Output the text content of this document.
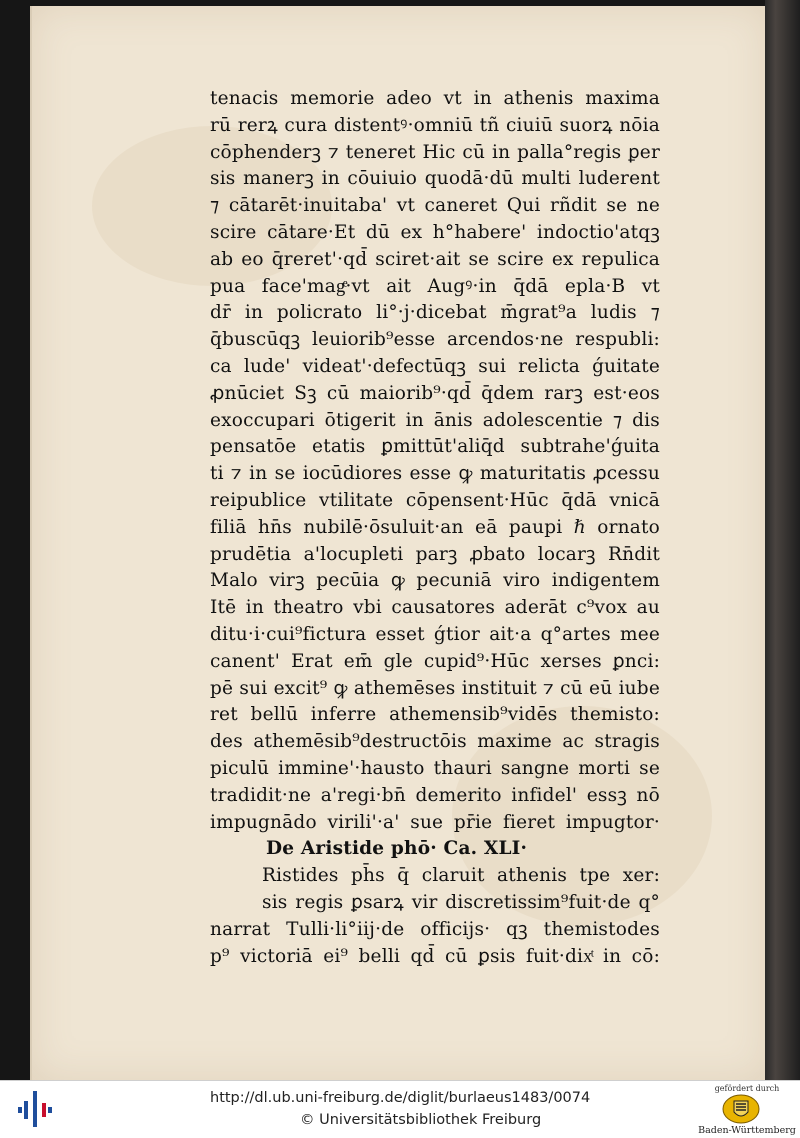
tenacis memorie adeo vt in athenis maxima
rū rerꝝ cura distentꝰ·omniū tñ ciuiū suorꝝ nōia
cōphenderꝫ ⁊ teneret Hic cū in palla°regis ꝑer
sis manerꝫ in cōuiuio quodā·dū multi luderent
⁊ cātarēt·inuitaba' vt caneret Qui rñdit se ne
scire cātare·Et dū ex h°habere' indoctio'atqꝫ
ab eo q̄reret'·qd̄ sciret·ait se scire ex repulica
pua face'magͤ·vt ait Augꝰ·in q̄dā epla·B vt
dr̄ in policrato li°·j·dicebat m̄grat⁹a ludis ⁊
q̄buscūqꝫ leuiorib⁹esse arcendos·ne respubli:
ca lude' videat'·defectūqꝫ sui relicta ǵuitate
ꝓnūciet Sꝫ cū maiorib⁹·qd̄ q̄dem rarꝫ est·eos
exoccupari ōtigerit in ānis adolescentie ⁊ dis
pensatōe etatis ꝑmittūt'aliq̄d subtrahe'ǵuita
ti ⁊ in se iocūdiores esse ꝙ maturitatis ꝓcessu
reipublice vtilitate cōpensent·Hūc q̄dā vnicā
filiā hn̄s nubilē·ōsuluit·an eā paupi ℏ ornato
prudētia a'locupleti parꝫ ꝓbato locarꝫ Rn̄dit
Malo virꝫ pecūia ꝙ pecuniā viro indigentem
Itē in theatro vbi causatores aderāt c⁹vox au
ditu·i·cui⁹fictura esset ǵtior ait·a q°artes mee
canent' Erat em̄ gle cupid⁹·Hūc xerses ꝑnci:
pē sui excit⁹ ꝙ athemēses instituit ⁊ cū eū iube
ret bellū inferre athemensib⁹vidēs themisto:
des athemēsib⁹destructōis maxime ac stragis
piculū immine'·hausto thauri sangne morti se
tradidit·ne a'regi·bn̄ demerito infidel' essꝫ nō
impugnādo virili'·a' sue pr̄ie fieret impugtor·
De Aristide phō· Ca. XLI·
Ristides ph̄s q̄ claruit athenis tpe xer:
sis regis ꝑsarꝝ vir discretissim⁹fuit·de q°
narrat Tulli·li°iij·de officijs· qꝫ themistodes
p⁹ victoriā ei⁹ belli qd̄ cū ꝑsis fuit·dixͭ in cō:
http://dl.ub.uni-freiburg.de/diglit/burlaeus1483/0074
© Universitätsbibliothek Freiburg
gefördert durch
Baden-Württemberg
